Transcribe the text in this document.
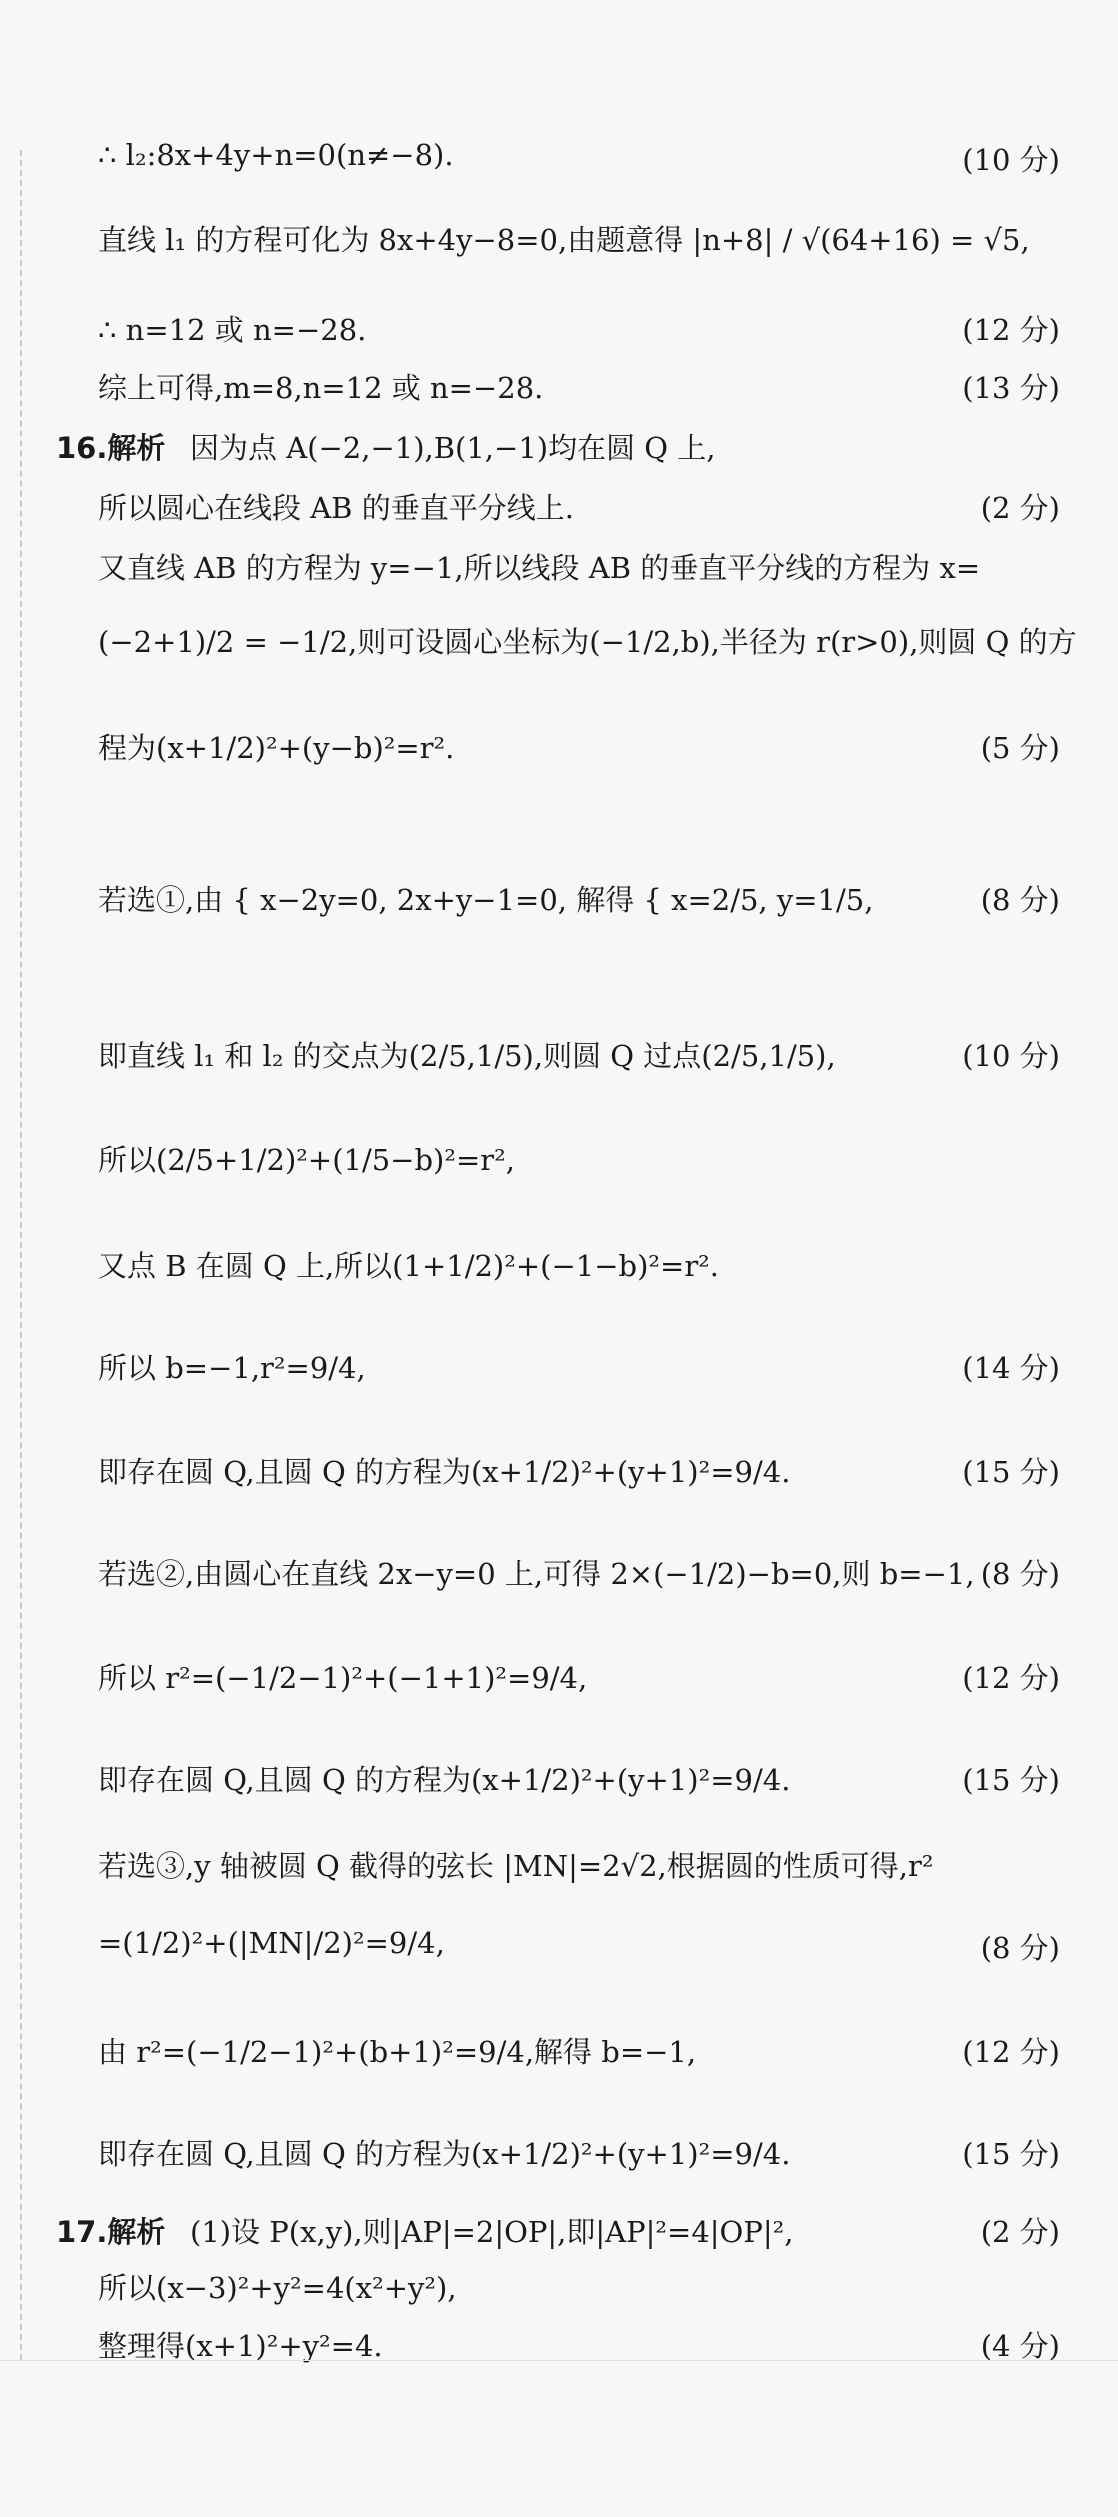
∴ l₂:8x+4y+n=0(n≠−8).	(10 分)
直线 l₁ 的方程可化为 8x+4y−8=0,由题意得 |n+8| / √(64+16) = √5,
∴ n=12 或 n=−28.	(12 分)
综上可得,m=8,n=12 或 n=−28.	(13 分)
16.解析 因为点 A(−2,−1),B(1,−1)均在圆 Q 上,
所以圆心在线段 AB 的垂直平分线上.	(2 分)
又直线 AB 的方程为 y=−1,所以线段 AB 的垂直平分线的方程为 x=
(−2+1)/2 = −1/2,则可设圆心坐标为(−1/2,b),半径为 r(r>0),则圆 Q 的方
程为(x+1/2)²+(y−b)²=r².	(5 分)
若选①,由 { x−2y=0, 2x+y−1=0, 解得 { x=2/5, y=1/5,	(8 分)
即直线 l₁ 和 l₂ 的交点为(2/5,1/5),则圆 Q 过点(2/5,1/5),	(10 分)
所以(2/5+1/2)²+(1/5−b)²=r²,
又点 B 在圆 Q 上,所以(1+1/2)²+(−1−b)²=r².
所以 b=−1,r²=9/4,	(14 分)
即存在圆 Q,且圆 Q 的方程为(x+1/2)²+(y+1)²=9/4.	(15 分)
若选②,由圆心在直线 2x−y=0 上,可得 2×(−1/2)−b=0,则 b=−1, (8 分)
所以 r²=(−1/2−1)²+(−1+1)²=9/4,	(12 分)
即存在圆 Q,且圆 Q 的方程为(x+1/2)²+(y+1)²=9/4.	(15 分)
若选③,y 轴被圆 Q 截得的弦长 |MN|=2√2,根据圆的性质可得,r²
=(1/2)²+(|MN|/2)²=9/4,	(8 分)
由 r²=(−1/2−1)²+(b+1)²=9/4,解得 b=−1,	(12 分)
即存在圆 Q,且圆 Q 的方程为(x+1/2)²+(y+1)²=9/4.	(15 分)
17.解析 (1)设 P(x,y),则|AP|=2|OP|,即|AP|²=4|OP|²,	(2 分)
所以(x−3)²+y²=4(x²+y²),
整理得(x+1)²+y²=4.	(4 分)
